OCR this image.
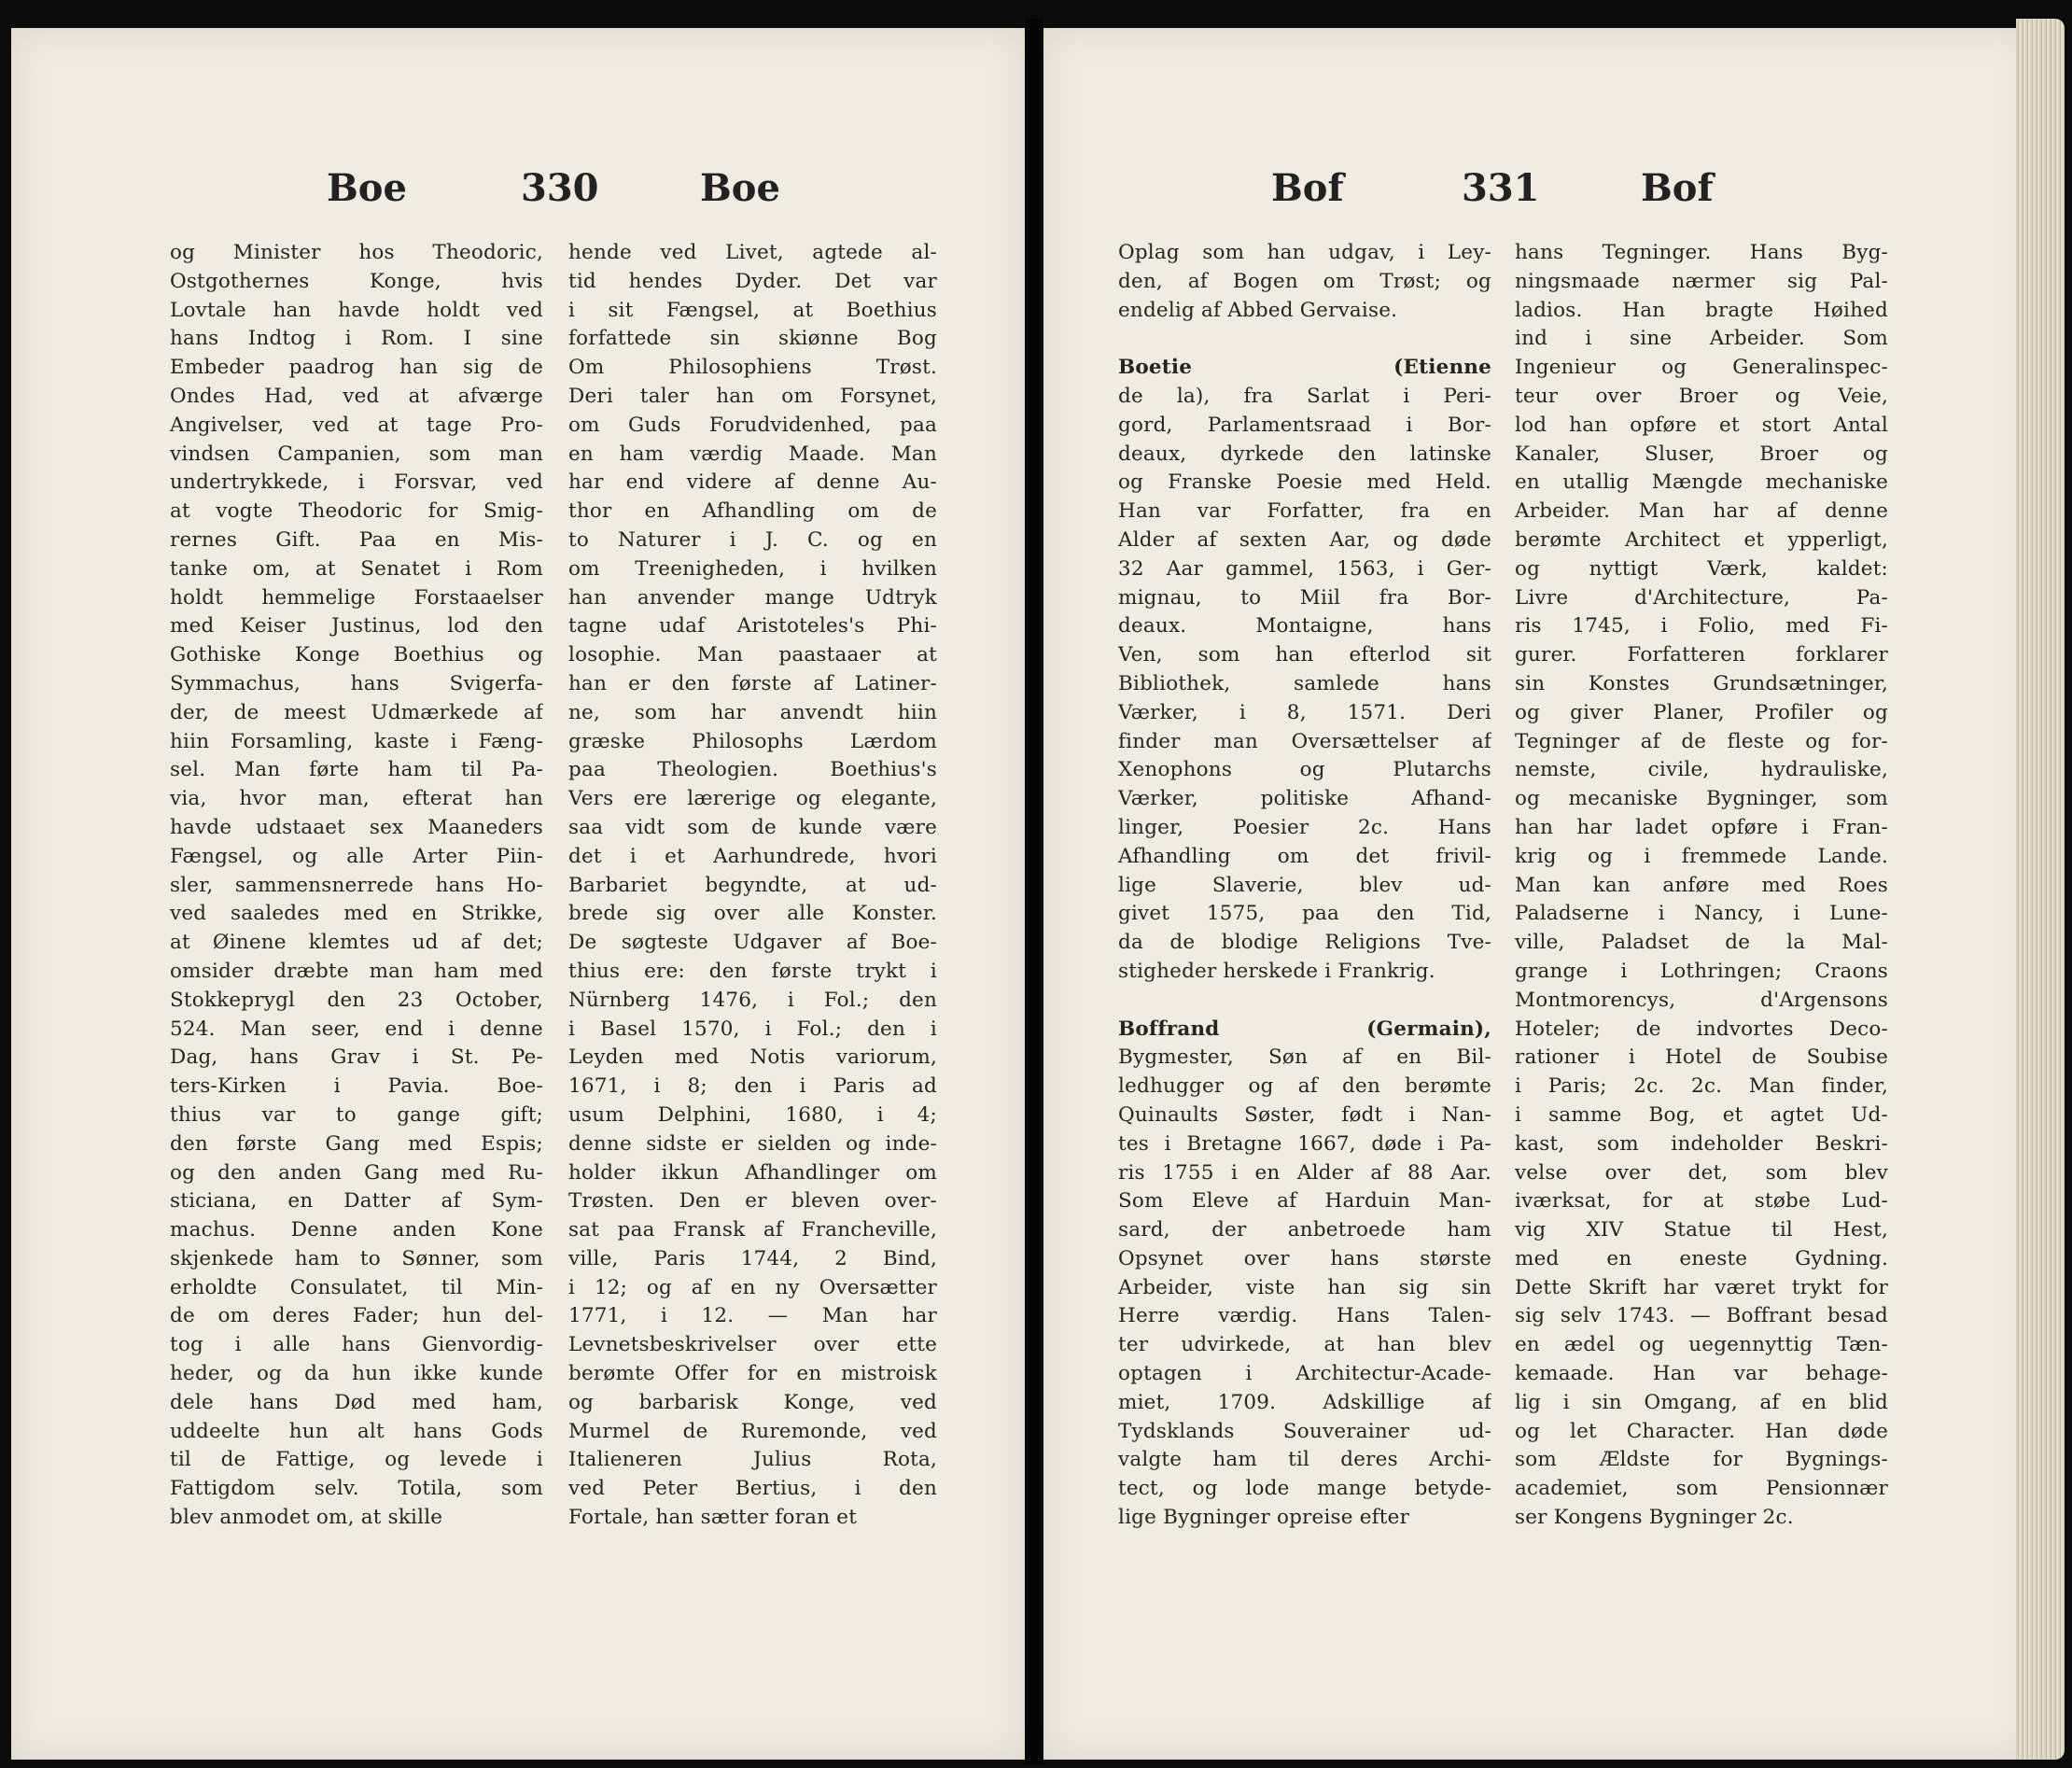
Boe	330	Boe
og Minister hos Theodoric,
Ostgothernes Konge, hvis
Lovtale han havde holdt ved
hans Indtog i Rom. I sine
Embeder paadrog han sig de
Ondes Had, ved at afværge
Angivelser, ved at tage Pro-
vindsen Campanien, som man
undertrykkede, i Forsvar, ved
at vogte Theodoric for Smig-
rernes Gift. Paa en Mis-
tanke om, at Senatet i Rom
holdt hemmelige Forstaaelser
med Keiser Justinus, lod den
Gothiske Konge Boethius og
Symmachus, hans Svigerfa-
der, de meest Udmærkede af
hiin Forsamling, kaste i Fæng-
sel. Man førte ham til Pa-
via, hvor man, efterat han
havde udstaaet sex Maaneders
Fængsel, og alle Arter Piin-
sler, sammensnerrede hans Ho-
ved saaledes med en Strikke,
at Øinene klemtes ud af det;
omsider dræbte man ham med
Stokkeprygl den 23 October,
524. Man seer, end i denne
Dag, hans Grav i St. Pe-
ters-Kirken i Pavia. Boe-
thius var to gange gift;
den første Gang med Espis;
og den anden Gang med Ru-
sticiana, en Datter af Sym-
machus. Denne anden Kone
skjenkede ham to Sønner, som
erholdte Consulatet, til Min-
de om deres Fader; hun del-
tog i alle hans Gienvordig-
heder, og da hun ikke kunde
dele hans Død med ham,
uddeelte hun alt hans Gods
til de Fattige, og levede i
Fattigdom selv. Totila, som
blev anmodet om, at skille
hende ved Livet, agtede al-
tid hendes Dyder. Det var
i sit Fængsel, at Boethius
forfattede sin skiønne Bog
Om Philosophiens Trøst.
Deri taler han om Forsynet,
om Guds Forudvidenhed, paa
en ham værdig Maade. Man
har end videre af denne Au-
thor en Afhandling om de
to Naturer i J. C. og en
om Treenigheden, i hvilken
han anvender mange Udtryk
tagne udaf Aristoteles's Phi-
losophie. Man paastaaer at
han er den første af Latiner-
ne, som har anvendt hiin
græske Philosophs Lærdom
paa Theologien. Boethius's
Vers ere lærerige og elegante,
saa vidt som de kunde være
det i et Aarhundrede, hvori
Barbariet begyndte, at ud-
brede sig over alle Konster.
De søgteste Udgaver af Boe-
thius ere: den første trykt i
Nürnberg 1476, i Fol.; den
i Basel 1570, i Fol.; den i
Leyden med Notis variorum,
1671, i 8; den i Paris ad
usum Delphini, 1680, i 4;
denne sidste er sielden og inde-
holder ikkun Afhandlinger om
Trøsten. Den er bleven over-
sat paa Fransk af Francheville,
ville, Paris 1744, 2 Bind,
i 12; og af en ny Oversætter
1771, i 12. — Man har
Levnetsbeskrivelser over ette
berømte Offer for en mistroisk
og barbarisk Konge, ved
Murmel de Ruremonde, ved
Italieneren Julius Rota,
ved Peter Bertius, i den
Fortale, han sætter foran et
Bof	331	Bof
Oplag som han udgav, i Ley-
den, af Bogen om Trøst; og
endelig af Abbed Gervaise.
Boetie (Etienne
de la), fra Sarlat i Peri-
gord, Parlamentsraad i Bor-
deaux, dyrkede den latinske
og Franske Poesie med Held.
Han var Forfatter, fra en
Alder af sexten Aar, og døde
32 Aar gammel, 1563, i Ger-
mignau, to Miil fra Bor-
deaux. Montaigne, hans
Ven, som han efterlod sit
Bibliothek, samlede hans
Værker, i 8, 1571. Deri
finder man Oversættelser af
Xenophons og Plutarchs
Værker, politiske Afhand-
linger, Poesier 2c. Hans
Afhandling om det frivil-
lige Slaverie, blev ud-
givet 1575, paa den Tid,
da de blodige Religions Tve-
stigheder herskede i Frankrig.
Boffrand (Germain),
Bygmester, Søn af en Bil-
ledhugger og af den berømte
Quinaults Søster, født i Nan-
tes i Bretagne 1667, døde i Pa-
ris 1755 i en Alder af 88 Aar.
Som Eleve af Harduin Man-
sard, der anbetroede ham
Opsynet over hans største
Arbeider, viste han sig sin
Herre værdig. Hans Talen-
ter udvirkede, at han blev
optagen i Architectur-Acade-
miet, 1709. Adskillige af
Tydsklands Souverainer ud-
valgte ham til deres Archi-
tect, og lode mange betyde-
lige Bygninger opreise efter
hans Tegninger. Hans Byg-
ningsmaade nærmer sig Pal-
ladios. Han bragte Høihed
ind i sine Arbeider. Som
Ingenieur og Generalinspec-
teur over Broer og Veie,
lod han opføre et stort Antal
Kanaler, Sluser, Broer og
en utallig Mængde mechaniske
Arbeider. Man har af denne
berømte Architect et ypperligt,
og nyttigt Værk, kaldet:
Livre d'Architecture, Pa-
ris 1745, i Folio, med Fi-
gurer. Forfatteren forklarer
sin Konstes Grundsætninger,
og giver Planer, Profiler og
Tegninger af de fleste og for-
nemste, civile, hydrauliske,
og mecaniske Bygninger, som
han har ladet opføre i Fran-
krig og i fremmede Lande.
Man kan anføre med Roes
Paladserne i Nancy, i Lune-
ville, Paladset de la Mal-
grange i Lothringen; Craons
Montmorencys, d'Argensons
Hoteler; de indvortes Deco-
rationer i Hotel de Soubise
i Paris; 2c. 2c. Man finder,
i samme Bog, et agtet Ud-
kast, som indeholder Beskri-
velse over det, som blev
iværksat, for at støbe Lud-
vig XIV Statue til Hest,
med en eneste Gydning.
Dette Skrift har været trykt for
sig selv 1743. — Boffrant besad
en ædel og uegennyttig Tæn-
kemaade. Han var behage-
lig i sin Omgang, af en blid
og let Character. Han døde
som Ældste for Bygnings-
academiet, som Pensionnær
ser Kongens Bygninger 2c.
